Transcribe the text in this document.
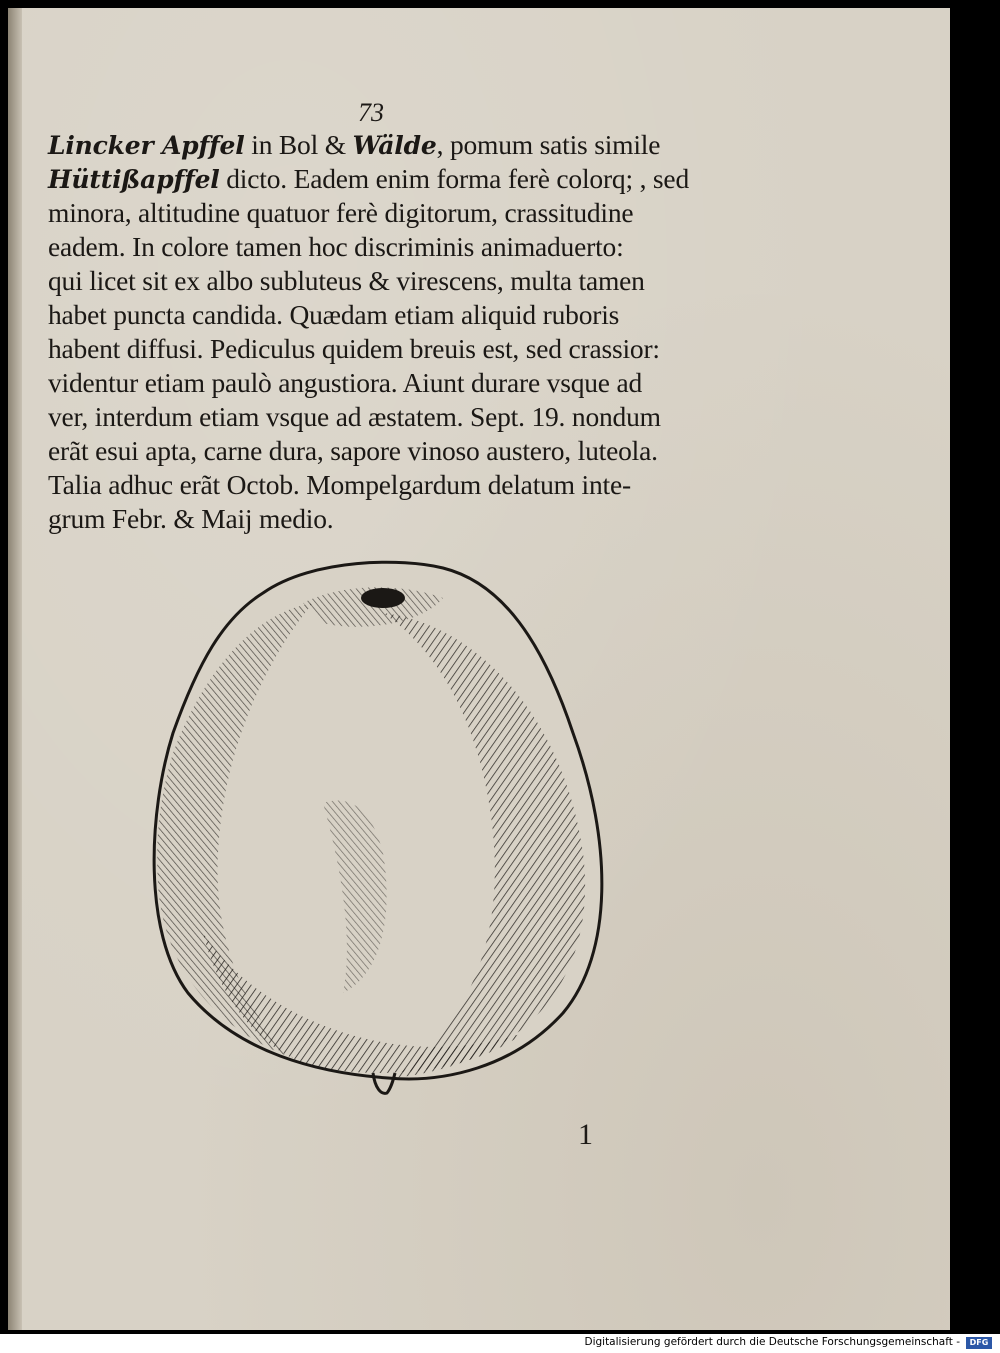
73
Lincker Apffel in Bol & Wälde, pomum satis simile
Hüttißapffel dicto. Eadem enim forma ferè colorq; , sed
minora, altitudine quatuor ferè digitorum, crassitudine
eadem. In colore tamen hoc discriminis animaduerto:
qui licet sit ex albo subluteus & virescens, multa tamen
habet puncta candida. Quædam etiam aliquid ruboris
habent diffusi. Pediculus quidem breuis est, sed crassior:
videntur etiam paulò angustiora. Aiunt durare vsque ad
ver, interdum etiam vsque ad æstatem. Sept. 19. nondum
erãt esui apta, carne dura, sapore vinoso austero, luteola.
Talia adhuc erãt Octob. Mompelgardum delatum inte-
grum Febr. & Maij medio.
1
Digitalisierung gefördert durch die Deutsche Forschungsgemeinschaft -	DFG
